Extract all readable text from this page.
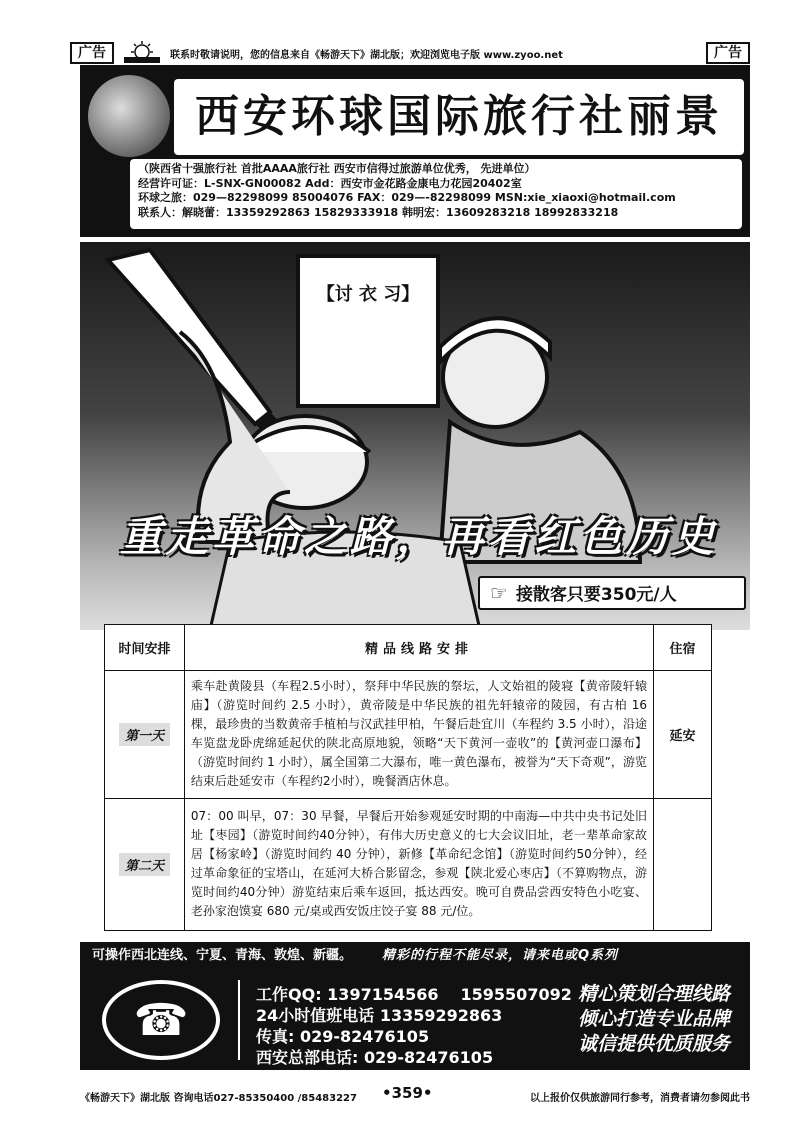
广告	联系时敬请说明，您的信息来自《畅游天下》湖北版；欢迎浏览电子版 www.zyoo.net	广告
西安环球国际旅行社丽景
（陕西省十强旅行社 首批AAAA旅行社 西安市信得过旅游单位优秀， 先进单位）
经营许可证：L-SNX-GN00082 Add：西安市金花路金康电力花园20402室
环球之旅：029—82298099 85004076 FAX：029—-82298099 MSN:xie_xiaoxi@hotmail.com
联系人：解晓蕾：13359292863 15829333918 韩明宏：13609283218 18992833218
【讨 衣 习】
重走革命之路，再看红色历史
☞ 接散客只要350元/人
时间安排	精品线路安排	住宿
第一天	乘车赴黄陵县（车程2.5小时），祭拜中华民族的祭坛，人文始祖的陵寝【黄帝陵轩辕庙】（游览时间约 2.5 小时），黄帝陵是中华民族的祖先轩辕帝的陵园，有古柏 16 棵，最珍贵的当数黄帝手植柏与汉武挂甲柏，午餐后赴宜川（车程约 3.5 小时），沿途车览盘龙卧虎绵延起伏的陕北高原地貌，领略“天下黄河一壶收”的【黄河壶口瀑布】（游览时间约 1 小时），属全国第二大瀑布，唯一黄色瀑布，被誉为“天下奇观”，游览结束后赴延安市（车程约2小时），晚餐酒店休息。	延安
第二天	07：00 叫早，07：30 早餐，早餐后开始参观延安时期的中南海—中共中央书记处旧址【枣园】（游览时间约40分钟），有伟大历史意义的七大会议旧址，老一辈革命家故居【杨家岭】（游览时间约 40 分钟），新修【革命纪念馆】（游览时间约50分钟），经过革命象征的宝塔山，在延河大桥合影留念，参观【陕北爱心枣店】（不算购物点，游览时间约40分钟）游览结束后乘车返回，抵达西安。晚可自费品尝西安特色小吃宴、老孙家泡馍宴 680 元/桌或西安饭庄饺子宴 88 元/位。	

可操作西北连线、宁夏、青海、敦煌、新疆。 精彩的行程不能尽录，请来电或Q系列
☎	工作QQ: 1397154566 1595507092
24小时值班电话 13359292863
传真: 029-82476105
西安总部电话: 029-82476105
精心策划合理线路
倾心打造专业品牌
诚信提供优质服务
《畅游天下》湖北版 咨询电话027-85350400 /85483227 •359•	以上报价仅供旅游同行参考，消费者请勿参阅此书
